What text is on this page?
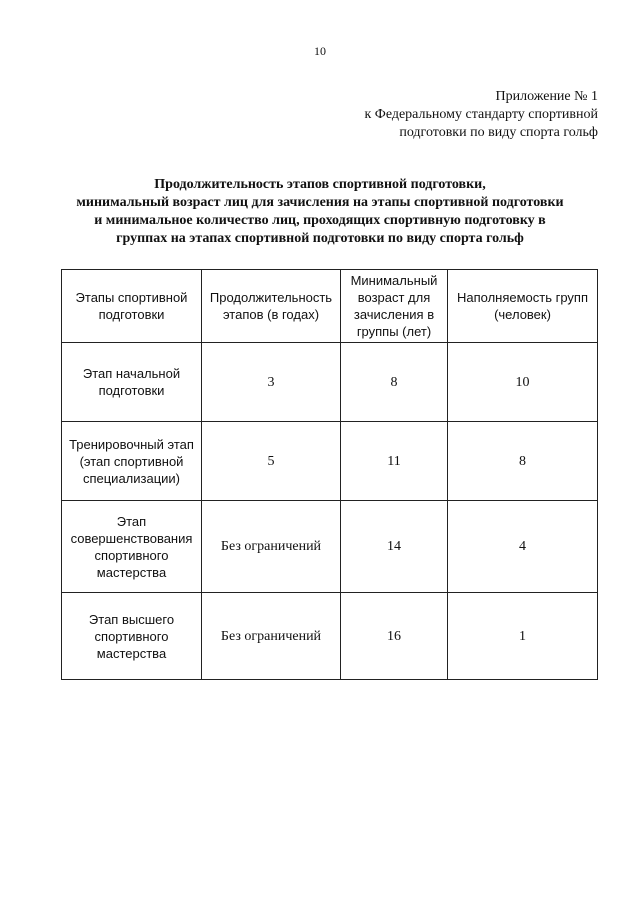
10
Приложение № 1
к Федеральному стандарту спортивной
подготовки по виду спорта гольф
Продолжительность этапов спортивной подготовки,
минимальный возраст лиц для зачисления на этапы спортивной подготовки
и минимальное количество лиц, проходящих спортивную подготовку в
группах на этапах спортивной подготовки по виду спорта гольф
Этапы спортивной подготовки	Продолжительность этапов (в годах)	Минимальный возраст для зачисления в группы (лет)	Наполняемость групп (человек)
Этап начальной подготовки	3	8	10
Тренировочный этап (этап спортивной специализации)	5	11	8
Этап совершенствования спортивного мастерства	Без ограничений	14	4
Этап высшего спортивного мастерства	Без ограничений	16	1
